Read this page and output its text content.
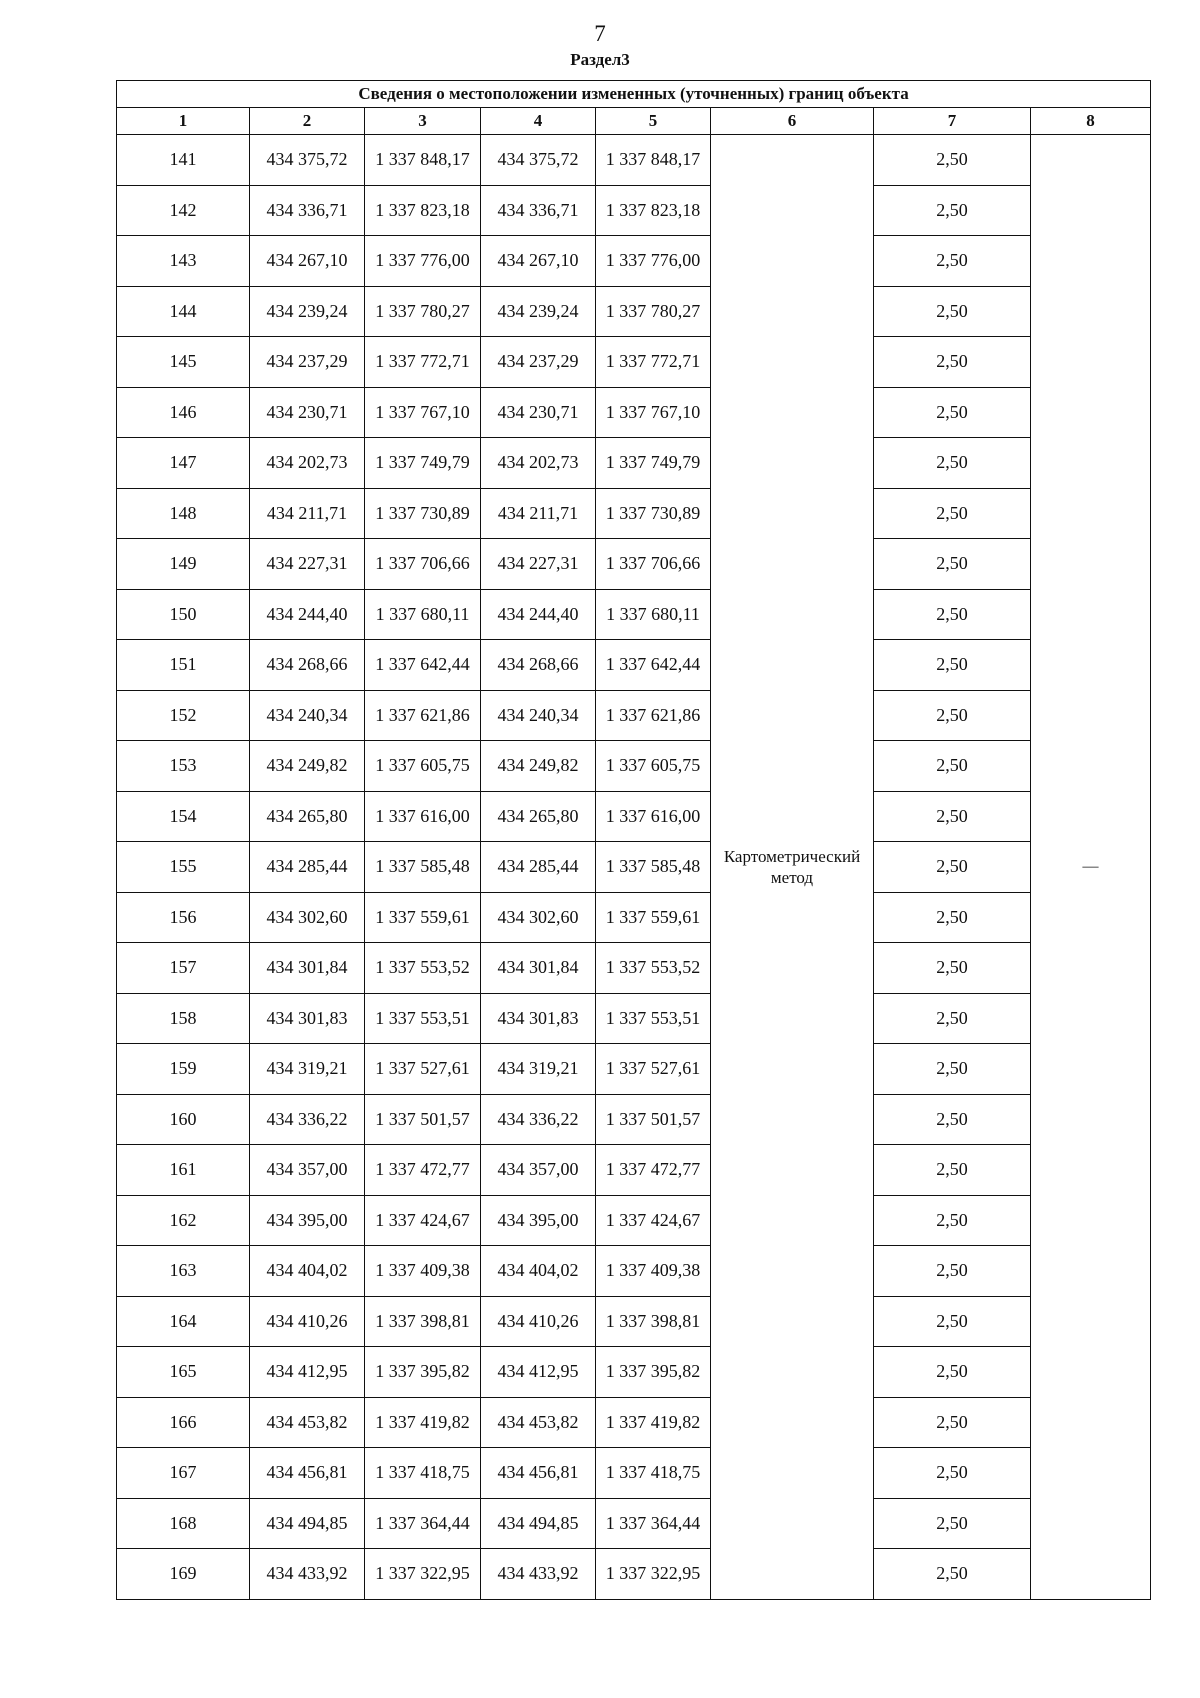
7
Раздел3
Сведения о местоположении измененных (уточненных) границ объекта							
1	2	3	4	5	6	7	8
141	434 375,72	1 337 848,17	434 375,72	1 337 848,17	Картометрический метод	2,50	—
142	434 336,71	1 337 823,18	434 336,71	1 337 823,18		2,50	
143	434 267,10	1 337 776,00	434 267,10	1 337 776,00		2,50	
144	434 239,24	1 337 780,27	434 239,24	1 337 780,27		2,50	
145	434 237,29	1 337 772,71	434 237,29	1 337 772,71		2,50	
146	434 230,71	1 337 767,10	434 230,71	1 337 767,10		2,50	
147	434 202,73	1 337 749,79	434 202,73	1 337 749,79		2,50	
148	434 211,71	1 337 730,89	434 211,71	1 337 730,89		2,50	
149	434 227,31	1 337 706,66	434 227,31	1 337 706,66		2,50	
150	434 244,40	1 337 680,11	434 244,40	1 337 680,11		2,50	
151	434 268,66	1 337 642,44	434 268,66	1 337 642,44		2,50	
152	434 240,34	1 337 621,86	434 240,34	1 337 621,86		2,50	
153	434 249,82	1 337 605,75	434 249,82	1 337 605,75		2,50	
154	434 265,80	1 337 616,00	434 265,80	1 337 616,00		2,50	
155	434 285,44	1 337 585,48	434 285,44	1 337 585,48		2,50	
156	434 302,60	1 337 559,61	434 302,60	1 337 559,61		2,50	
157	434 301,84	1 337 553,52	434 301,84	1 337 553,52		2,50	
158	434 301,83	1 337 553,51	434 301,83	1 337 553,51		2,50	
159	434 319,21	1 337 527,61	434 319,21	1 337 527,61		2,50	
160	434 336,22	1 337 501,57	434 336,22	1 337 501,57		2,50	
161	434 357,00	1 337 472,77	434 357,00	1 337 472,77		2,50	
162	434 395,00	1 337 424,67	434 395,00	1 337 424,67		2,50	
163	434 404,02	1 337 409,38	434 404,02	1 337 409,38		2,50	
164	434 410,26	1 337 398,81	434 410,26	1 337 398,81		2,50	
165	434 412,95	1 337 395,82	434 412,95	1 337 395,82		2,50	
166	434 453,82	1 337 419,82	434 453,82	1 337 419,82		2,50	
167	434 456,81	1 337 418,75	434 456,81	1 337 418,75		2,50	
168	434 494,85	1 337 364,44	434 494,85	1 337 364,44		2,50	
169	434 433,92	1 337 322,95	434 433,92	1 337 322,95		2,50	
